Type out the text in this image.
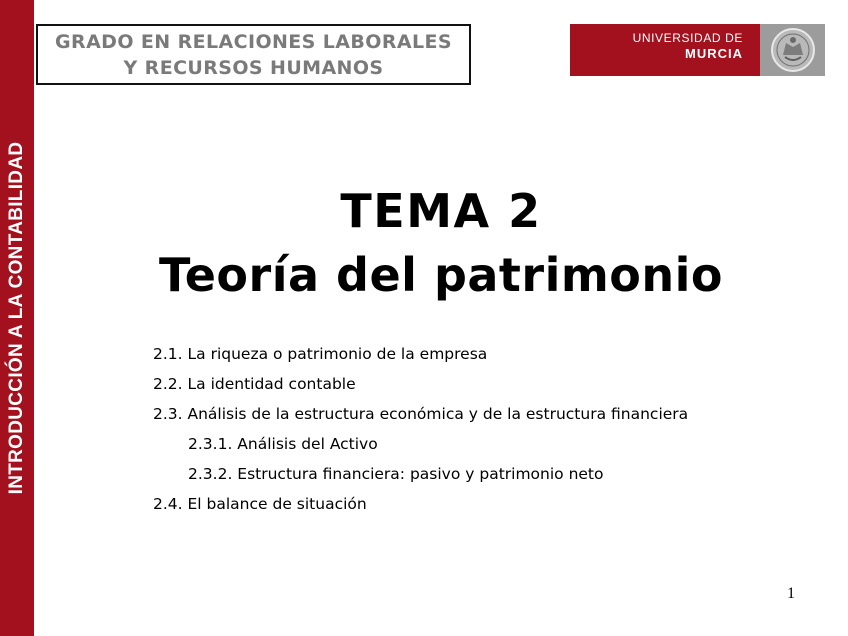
INTRODUCCIÓN A LA CONTABILIDAD
GRADO EN RELACIONES LABORALES
Y RECURSOS HUMANOS
UNIVERSIDAD DE
MURCIA
TEMA 2
Teoría del patrimonio
2.1. La riqueza o patrimonio de la empresa
2.2. La identidad contable
2.3. Análisis de la estructura económica y de la estructura financiera
2.3.1. Análisis del Activo
2.3.2. Estructura financiera: pasivo y patrimonio neto
2.4. El balance de situación
1
